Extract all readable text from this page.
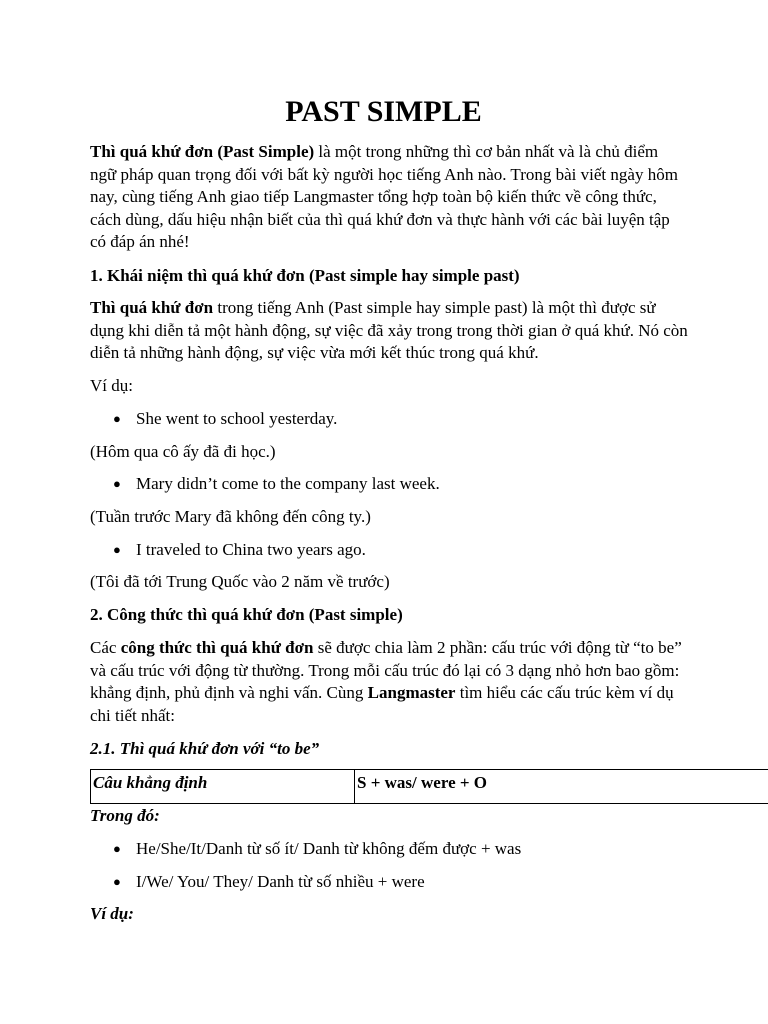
PAST SIMPLE
Thì quá khứ đơn (Past Simple) là một trong những thì cơ bản nhất và là chủ điểm ngữ pháp quan trọng đối với bất kỳ người học tiếng Anh nào. Trong bài viết ngày hôm nay, cùng tiếng Anh giao tiếp Langmaster tổng hợp toàn bộ kiến thức về công thức, cách dùng, dấu hiệu nhận biết của thì quá khứ đơn và thực hành với các bài luyện tập có đáp án nhé!
1. Khái niệm thì quá khứ đơn (Past simple hay simple past)
Thì quá khứ đơn trong tiếng Anh (Past simple hay simple past) là một thì được sử dụng khi diễn tả một hành động, sự việc đã xảy trong trong thời gian ở quá khứ. Nó còn diễn tả những hành động, sự việc vừa mới kết thúc trong quá khứ.
Ví dụ:
● She went to school yesterday.
(Hôm qua cô ấy đã đi học.)
● Mary didn’t come to the company last week.
(Tuần trước Mary đã không đến công ty.)
● I traveled to China two years ago.
(Tôi đã tới Trung Quốc vào 2 năm về trước)
2. Công thức thì quá khứ đơn (Past simple)
Các công thức thì quá khứ đơn sẽ được chia làm 2 phần: cấu trúc với động từ “to be” và cấu trúc với động từ thường. Trong mỗi cấu trúc đó lại có 3 dạng nhỏ hơn bao gồm: khẳng định, phủ định và nghi vấn. Cùng Langmaster tìm hiểu các cấu trúc kèm ví dụ chi tiết nhất:
2.1. Thì quá khứ đơn với “to be”
Câu khẳng định	S + was/ were + O
Trong đó:
● He/She/It/Danh từ số ít/ Danh từ không đếm được + was
● I/We/ You/ They/ Danh từ số nhiều + were
Ví dụ:
